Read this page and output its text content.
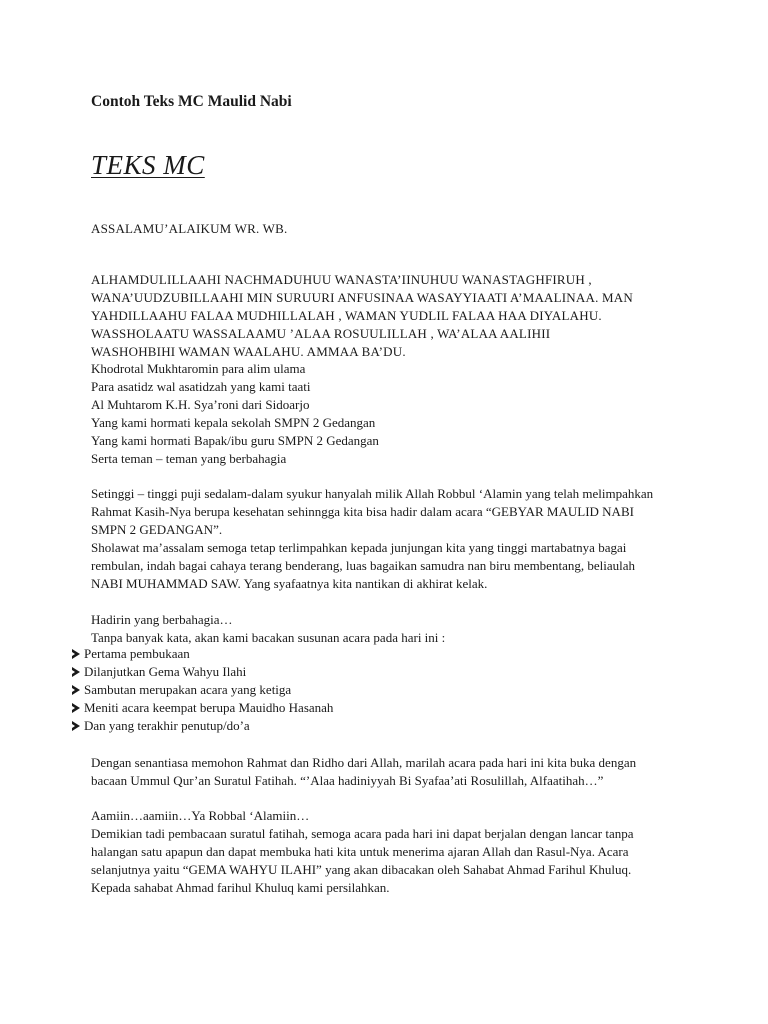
Contoh Teks MC Maulid Nabi
TEKS MC
ASSALAMU’ALAIKUM WR. WB.
ALHAMDULILLAAHI NACHMADUHUU WANASTA’IINUHUU WANASTAGHFIRUH ,
WANA’UUDZUBILLAAHI MIN SURUURI ANFUSINAA WASAYYIAATI A’MAALINAA. MAN
YAHDILLAAHU FALAA MUDHILLALAH , WAMAN YUDLIL FALAA HAA DIYALAHU.
WASSHOLAATU WASSALAAMU ’ALAA ROSUULILLAH , WA’ALAA AALIHII
WASHOHBIHI WAMAN WAALAHU. AMMAA BA’DU.
Khodrotal Mukhtaromin para alim ulama
Para asatidz wal asatidzah yang kami taati
Al Muhtarom K.H. Sya’roni dari Sidoarjo
Yang kami hormati kepala sekolah SMPN 2 Gedangan
Yang kami hormati Bapak/ibu guru SMPN 2 Gedangan
Serta teman – teman yang berbahagia
Setinggi – tinggi puji sedalam-dalam syukur hanyalah milik Allah Robbul ‘Alamin yang telah melimpahkan
Rahmat Kasih-Nya berupa kesehatan sehinngga kita bisa hadir dalam acara “GEBYAR MAULID NABI
SMPN 2 GEDANGAN”.
Sholawat ma’assalam semoga tetap terlimpahkan kepada junjungan kita yang tinggi martabatnya bagai
rembulan, indah bagai cahaya terang benderang, luas bagaikan samudra nan biru membentang, beliaulah
NABI MUHAMMAD SAW. Yang syafaatnya kita nantikan di akhirat kelak.
Hadirin yang berbahagia…
Tanpa banyak kata, akan kami bacakan susunan acara pada hari ini :
Pertama pembukaan
Dilanjutkan Gema Wahyu Ilahi
Sambutan merupakan acara yang ketiga
Meniti acara keempat berupa Mauidho Hasanah
Dan yang terakhir penutup/do’a
Dengan senantiasa memohon Rahmat dan Ridho dari Allah, marilah acara pada hari ini kita buka dengan
bacaan Ummul Qur’an Suratul Fatihah. “’Alaa hadiniyyah Bi Syafaa’ati Rosulillah, Alfaatihah…”
Aamiin…aamiin…Ya Robbal ‘Alamiin…
Demikian tadi pembacaan suratul fatihah, semoga acara pada hari ini dapat berjalan dengan lancar tanpa
halangan satu apapun dan dapat membuka hati kita untuk menerima ajaran Allah dan Rasul-Nya. Acara
selanjutnya yaitu “GEMA WAHYU ILAHI” yang akan dibacakan oleh Sahabat Ahmad Farihul Khuluq.
Kepada sahabat Ahmad farihul Khuluq kami persilahkan.
